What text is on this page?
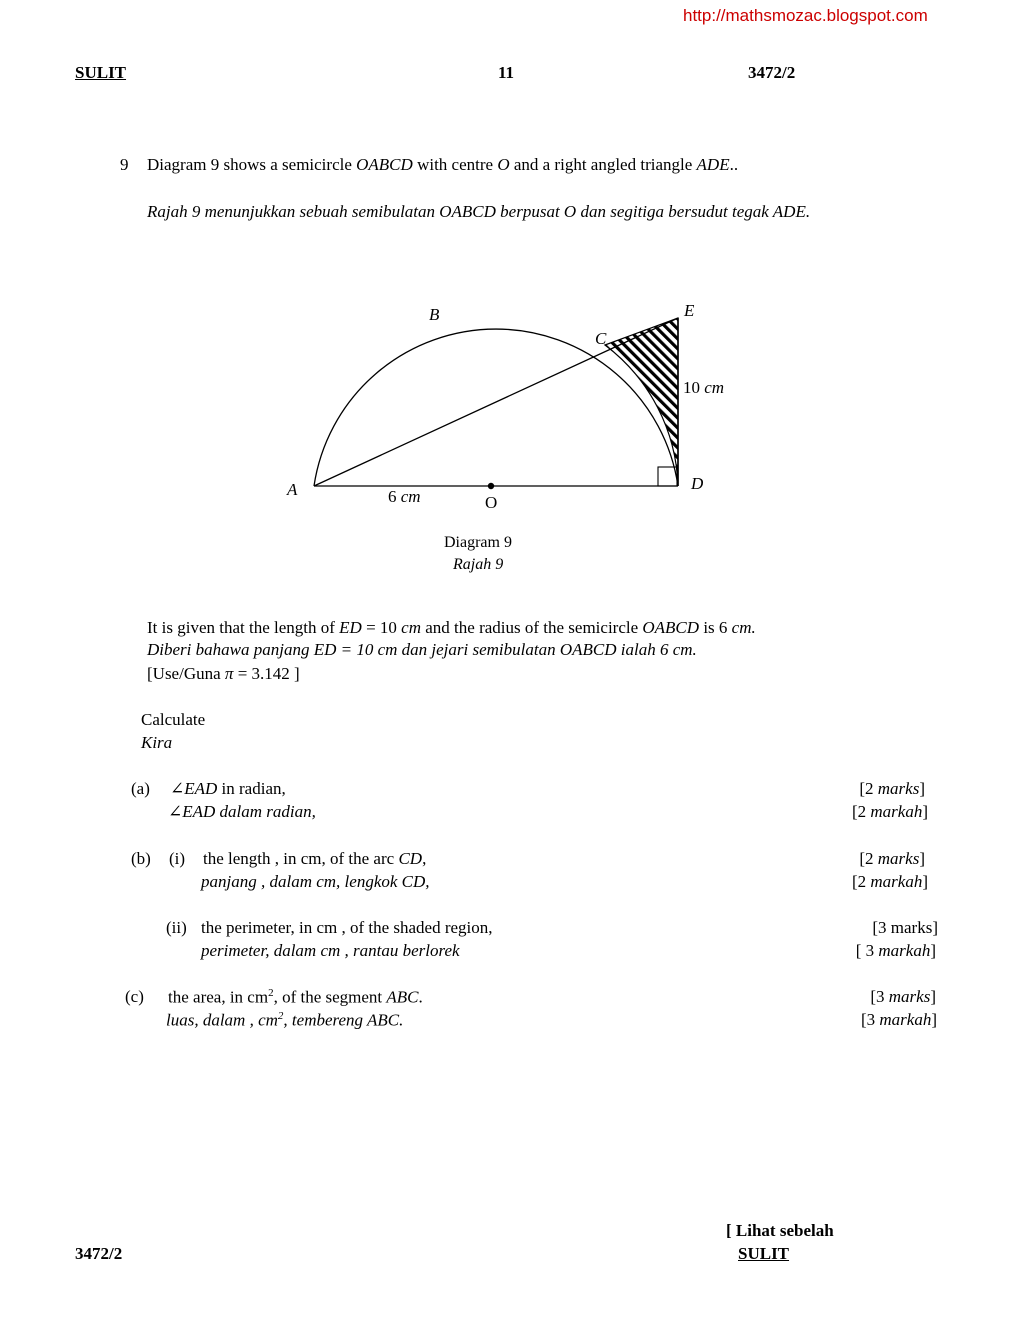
http://mathsmozac.blogspot.com
SULIT	11	3472/2
9 Diagram 9 shows a semicircle OABCD with centre O and a right angled triangle ADE..
Rajah 9 menunjukkan sebuah semibulatan OABCD berpusat O dan segitiga bersudut tegak ADE.
A
B
C
D
E
O
10 cm
6 cm
Diagram 9
Rajah 9
It is given that the length of ED = 10 cm and the radius of the semicircle OABCD is 6 cm.
Diberi bahawa panjang ED = 10 cm dan jejari semibulatan OABCD ialah 6 cm.
[Use/Guna π = 3.142 ]
Calculate
Kira
(a) ∠EAD in radian,
∠EAD dalam radian,
[2 marks]
[2 markah]
(b) (i) the length , in cm, of the arc CD,
panjang , dalam cm, lengkok CD,
[2 marks]
[2 markah]
(ii) the perimeter, in cm , of the shaded region,
perimeter, dalam cm , rantau berlorek
[3 marks]
[ 3 markah]
(c) the area, in $cm^2$, of the segment ABC.
luas, dalam , $cm^2$, tembereng ABC.
[3 marks]
[3 markah]
[ Lihat sebelah
3472/2	SULIT
